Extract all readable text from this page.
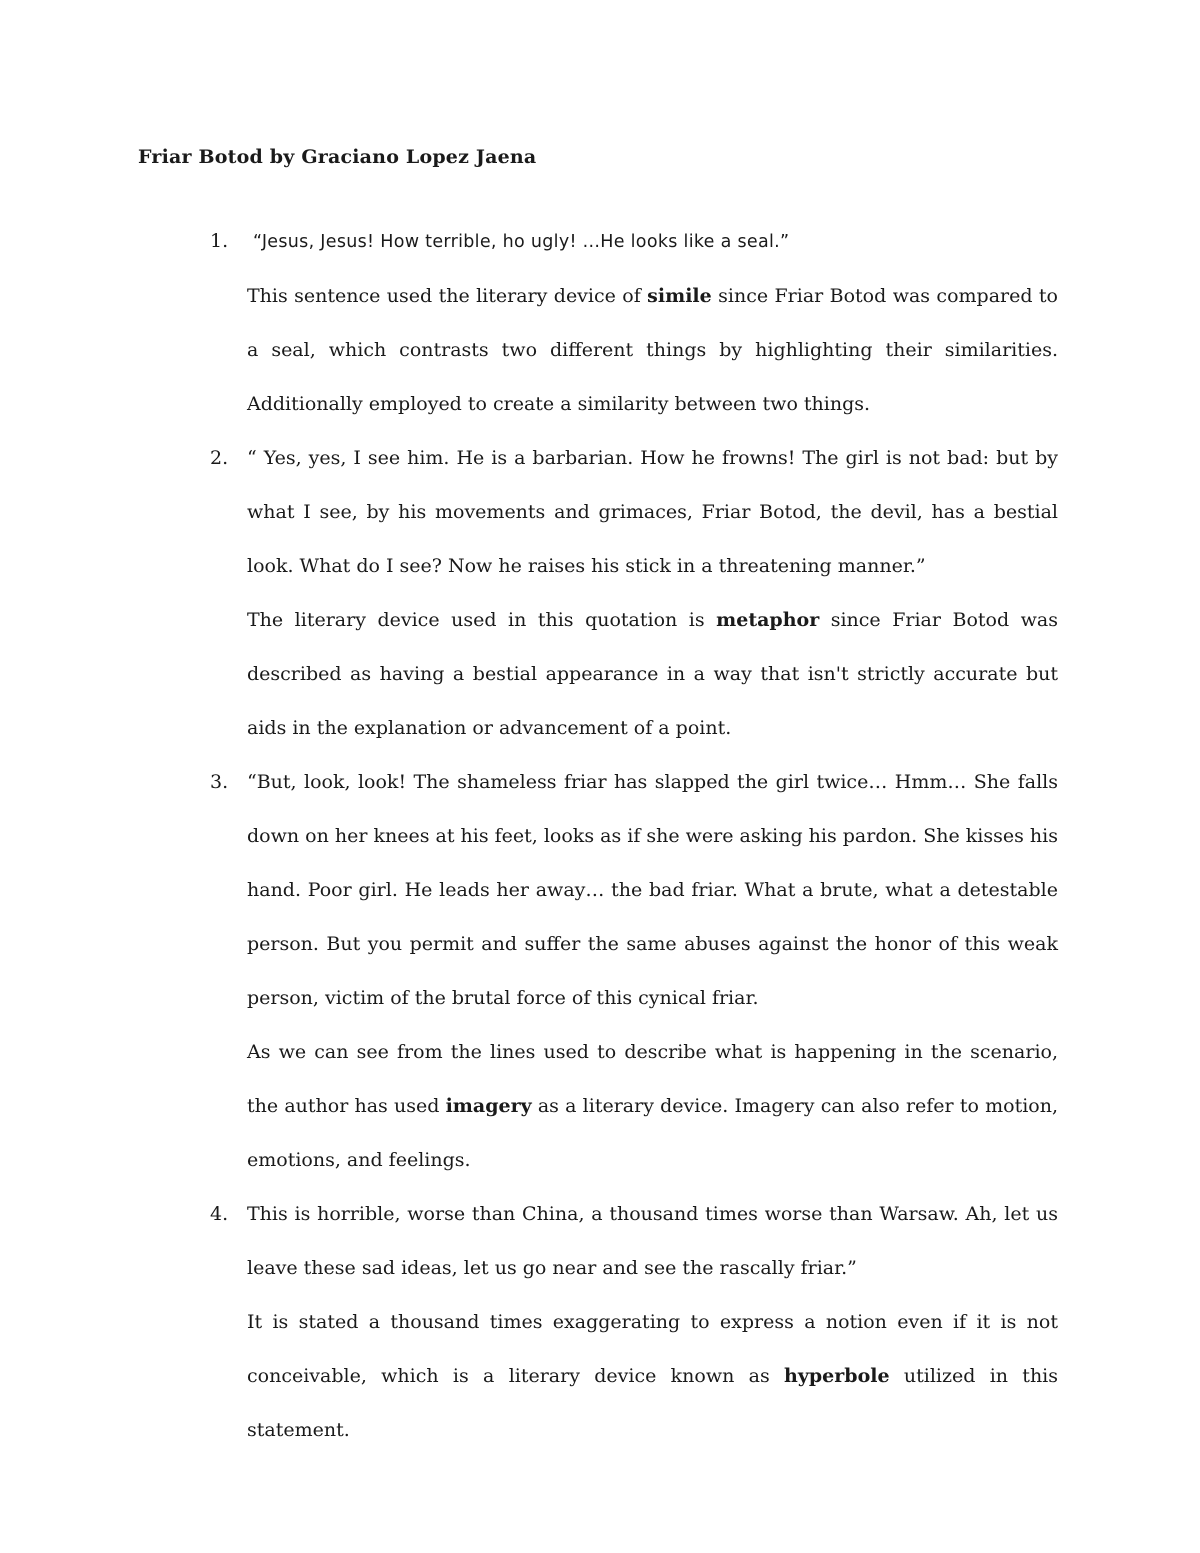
Friar Botod by Graciano Lopez Jaena
1.	“Jesus, Jesus! How terrible, ho ugly! ...He looks like a seal.”

This sentence used the literary device of simile since Friar Botod was compared to a seal, which contrasts two different things by highlighting their similarities. Additionally employed to create a similarity between two things.

2. “ Yes, yes, I see him. He is a barbarian. How he frowns! The girl is not bad: but by what I see, by his movements and grimaces, Friar Botod, the devil, has a bestial look. What do I see? Now he raises his stick in a threatening manner.”

The literary device used in this quotation is metaphor since Friar Botod was described as having a bestial appearance in a way that isn't strictly accurate but aids in the explanation or advancement of a point.

3. “But, look, look! The shameless friar has slapped the girl twice… Hmm… She falls down on her knees at his feet, looks as if she were asking his pardon. She kisses his hand. Poor girl. He leads her away… the bad friar. What a brute, what a detestable person. But you permit and suffer the same abuses against the honor of this weak person, victim of the brutal force of this cynical friar.

As we can see from the lines used to describe what is happening in the scenario, the author has used imagery as a literary device. Imagery can also refer to motion, emotions, and feelings.

4. This is horrible, worse than China, a thousand times worse than Warsaw. Ah, let us leave these sad ideas, let us go near and see the rascally friar.”

It is stated a thousand times exaggerating to express a notion even if it is not conceivable, which is a literary device known as hyperbole utilized in this statement.
